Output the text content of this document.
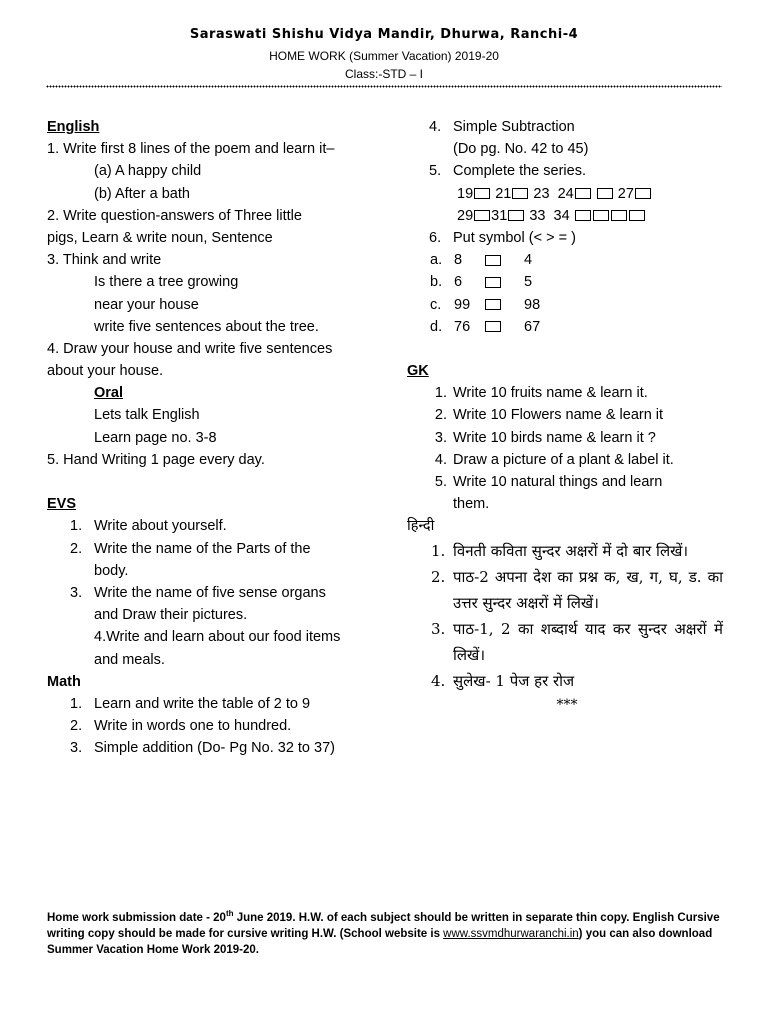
Saraswati Shishu Vidya Mandir, Dhurwa, Ranchi-4
HOME WORK (Summer Vacation) 2019-20
Class:-STD – I
English
1. Write first 8 lines of the poem and learn it–
(a) A happy child
(b) After a bath
2. Write question-answers of Three little
pigs, Learn & write noun, Sentence
3. Think and write
Is there a tree growing
near your house
write five sentences about the tree.
4. Draw your house and write five sentences
about your house.
Oral
Lets talk English
Learn page no. 3-8
5. Hand Writing 1 page every day.
EVS
1. Write about yourself.
2. Write the name of the Parts of the
body.
3. Write the name of five sense organs
and Draw their pictures.
4.Write and learn about our food items
and meals.
Math
1. Learn and write the table of 2 to 9
2. Write in words one to hundred.
3. Simple addition (Do- Pg No. 32 to 37)
4. Simple Subtraction
(Do pg. No. 42 to 45)
5. Complete the series.
19 21 23 24	27
29 31 33 34
6. Put symbol (< > = )
a. 8	4
b. 6	5
c. 99	98
d. 76	67
GK
1. Write 10 fruits name & learn it.
2. Write 10 Flowers name & learn it
3. Write 10 birds name & learn it ?
4. Draw a picture of a plant & label it.
5. Write 10 natural things and learn
them.
हिन्दी
1. विनती कविता सुन्दर अक्षरों में दो बार लिखें।
2. पाठ-2 अपना देश का प्रश्न क, ख, ग, घ, ड. का उत्तर सुन्दर अक्षरों में लिखें।
3. पाठ-1, 2 का शब्दार्थ याद कर सुन्दर अक्षरों में लिखें।
4. सुलेख- 1 पेज हर रोज
***
Home work submission date - 20th June 2019. H.W. of each subject should be written in separate thin copy. English Cursive writing copy should be made for cursive writing H.W. (School website is www.ssvmdhurwaranchi.in) you can also download Summer Vacation Home Work 2019-20.
